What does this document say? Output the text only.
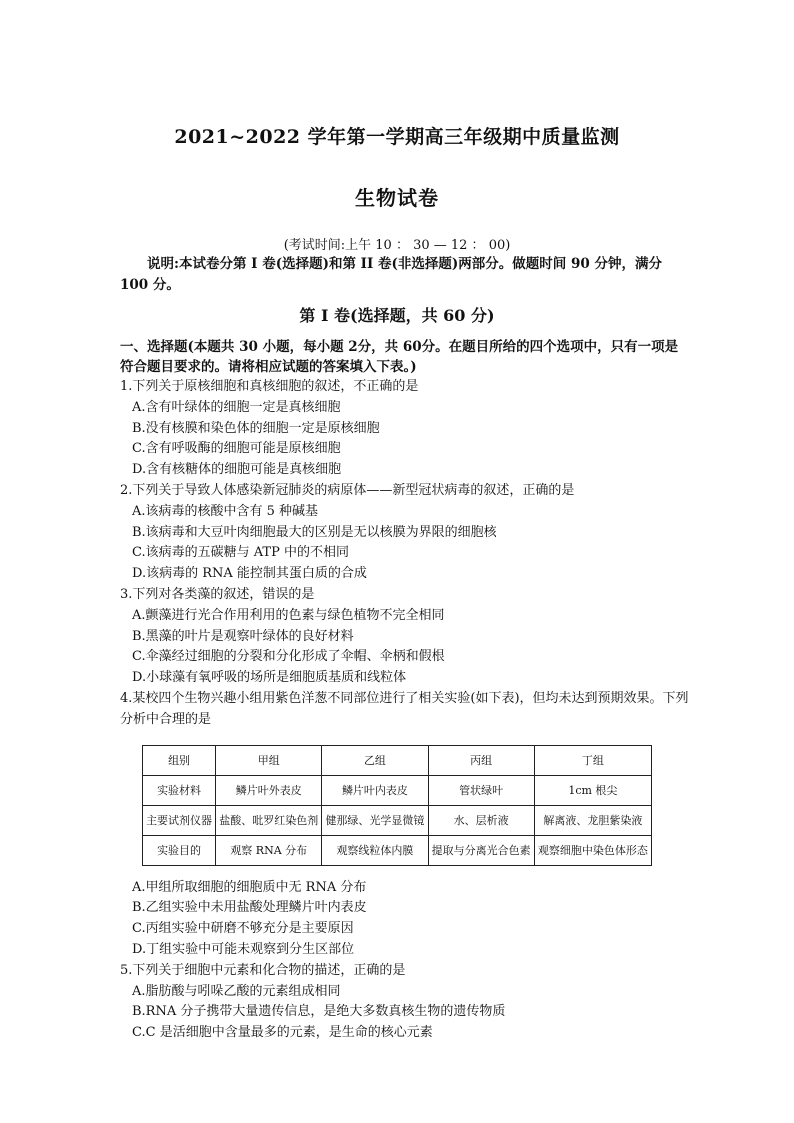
2021~2022 学年第一学期高三年级期中质量监测
生物试卷
(考试时间:上午 10 ： 30 — 12 ： 00)
说明:本试卷分第 I 卷(选择题)和第 II 卷(非选择题)两部分。做题时间 90 分钟，满分 100 分。
第 I 卷(选择题，共 60 分)
一、选择题(本题共 30 小题，每小题 2分，共 60分。在题目所给的四个选项中，只有一项是符合题目要求的。请将相应试题的答案填入下表。)
1.下列关于原核细胞和真核细胞的叙述，不正确的是
A.含有叶绿体的细胞一定是真核细胞
B.没有核膜和染色体的细胞一定是原核细胞
C.含有呼吸酶的细胞可能是原核细胞
D.含有核糖体的细胞可能是真核细胞
2.下列关于导致人体感染新冠肺炎的病原体——新型冠状病毒的叙述，正确的是
A.该病毒的核酸中含有 5 种碱基
B.该病毒和大豆叶肉细胞最大的区别是无以核膜为界限的细胞核
C.该病毒的五碳糖与 ATP 中的不相同
D.该病毒的 RNA 能控制其蛋白质的合成
3.下列对各类藻的叙述，错误的是
A.颤藻进行光合作用利用的色素与绿色植物不完全相同
B.黑藻的叶片是观察叶绿体的良好材料
C.伞藻经过细胞的分裂和分化形成了伞帽、伞柄和假根
D.小球藻有氧呼吸的场所是细胞质基质和线粒体
4.某校四个生物兴趣小组用紫色洋葱不同部位进行了相关实验(如下表)，但均未达到预期效果。下列分析中合理的是
组别	甲组	乙组	丙组	丁组
实验材料	鳞片叶外表皮	鳞片叶内表皮	管状绿叶	1cm 根尖
主要试剂仪器	盐酸、吡罗红染色剂	健那绿、光学显微镜	水、层析液	解离液、龙胆紫染液
实验目的	观察 RNA 分布	观察线粒体内膜	提取与分离光合色素	观察细胞中染色体形态
A.甲组所取细胞的细胞质中无 RNA 分布
B.乙组实验中未用盐酸处理鳞片叶内表皮
C.丙组实验中研磨不够充分是主要原因
D.丁组实验中可能未观察到分生区部位
5.下列关于细胞中元素和化合物的描述，正确的是
A.脂肪酸与吲哚乙酸的元素组成相同
B.RNA 分子携带大量遗传信息，是绝大多数真核生物的遗传物质
C.C 是活细胞中含量最多的元素，是生命的核心元素
